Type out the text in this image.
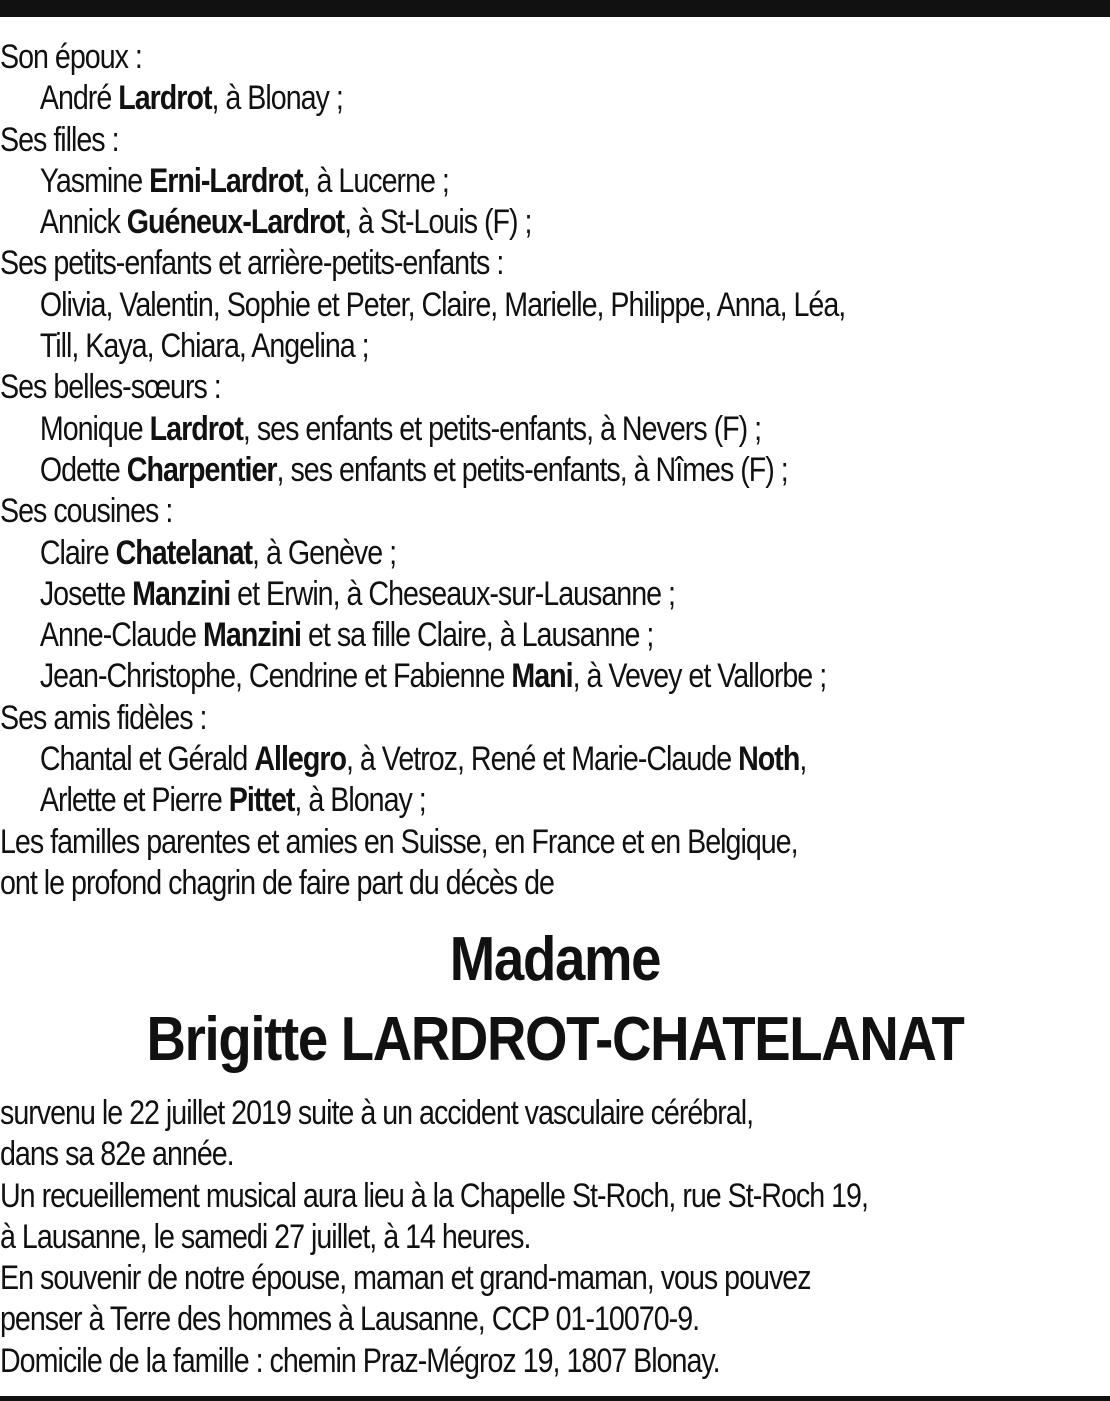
Son époux :
André Lardrot, à Blonay ;
Ses filles :
Yasmine Erni-Lardrot, à Lucerne ;
Annick Guéneux-Lardrot, à St-Louis (F) ;
Ses petits-enfants et arrière-petits-enfants :
Olivia, Valentin, Sophie et Peter, Claire, Marielle, Philippe, Anna, Léa,
Till, Kaya, Chiara, Angelina ;
Ses belles-sœurs :
Monique Lardrot, ses enfants et petits-enfants, à Nevers (F) ;
Odette Charpentier, ses enfants et petits-enfants, à Nîmes (F) ;
Ses cousines :
Claire Chatelanat, à Genève ;
Josette Manzini et Erwin, à Cheseaux-sur-Lausanne ;
Anne-Claude Manzini et sa fille Claire, à Lausanne ;
Jean-Christophe, Cendrine et Fabienne Mani, à Vevey et Vallorbe ;
Ses amis fidèles :
Chantal et Gérald Allegro, à Vetroz, René et Marie-Claude Noth,
Arlette et Pierre Pittet, à Blonay ;
Les familles parentes et amies en Suisse, en France et en Belgique,
ont le profond chagrin de faire part du décès de
Madame
Brigitte LARDROT-CHATELANAT
survenu le 22 juillet 2019 suite à un accident vasculaire cérébral,
dans sa 82e année.
Un recueillement musical aura lieu à la Chapelle St-Roch, rue St-Roch 19,
à Lausanne, le samedi 27 juillet, à 14 heures.
En souvenir de notre épouse, maman et grand-maman, vous pouvez
penser à Terre des hommes à Lausanne, CCP 01-10070-9.
Domicile de la famille : chemin Praz-Mégroz 19, 1807 Blonay.
